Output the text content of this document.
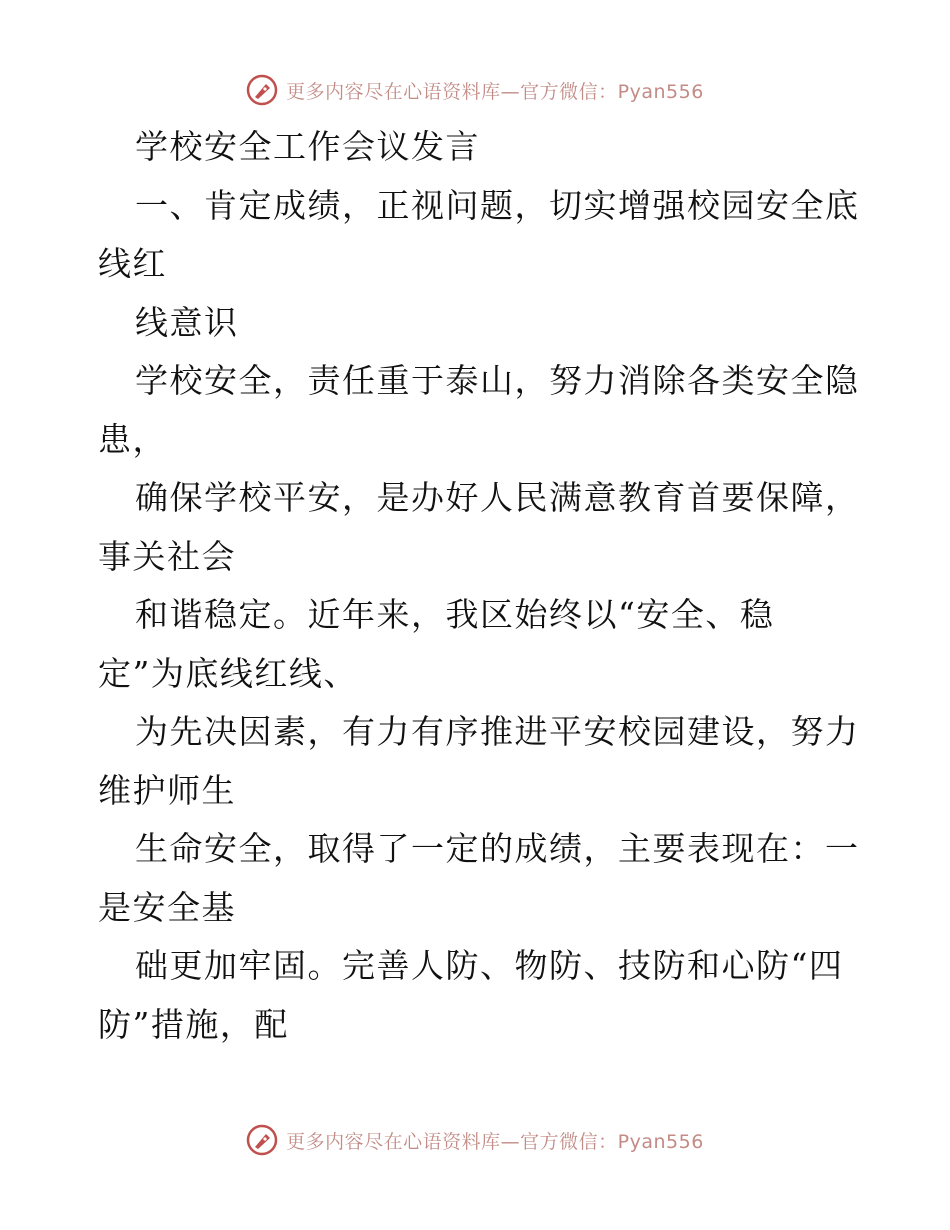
更多内容尽在心语资料库—官方微信：Pyan556
学校安全工作会议发言
一、肯定成绩，正视问题，切实增强校园安全底
线红
线意识
学校安全，责任重于泰山，努力消除各类安全隐
患，
确保学校平安，是办好人民满意教育首要保障，
事关社会
和谐稳定。近年来，我区始终以“安全、稳
定”为底线红线、
为先决因素，有力有序推进平安校园建设，努力
维护师生
生命安全，取得了一定的成绩，主要表现在：一
是安全基
础更加牢固。完善人防、物防、技防和心防“四
防”措施，配
更多内容尽在心语资料库—官方微信：Pyan556
